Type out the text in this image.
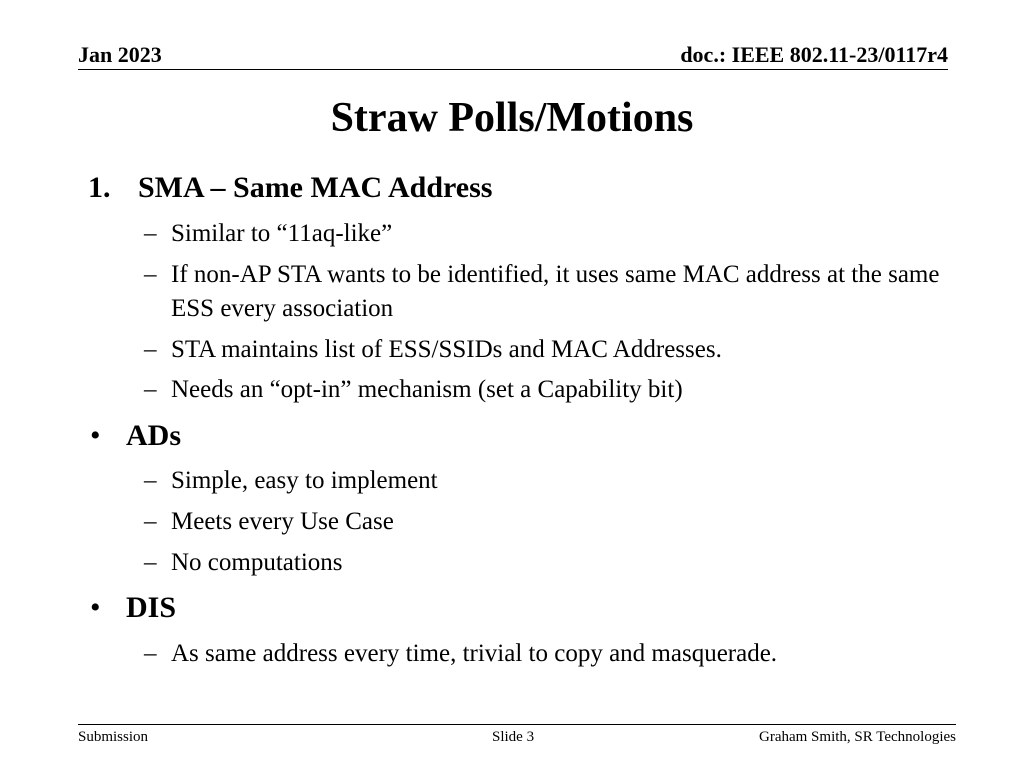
Jan 2023	doc.: IEEE 802.11-23/0117r4
Straw Polls/Motions
1. SMA – Same MAC Address
– Similar to “11aq-like”
– If non-AP STA wants to be identified, it uses same MAC address at the same ESS every association
– STA maintains list of ESS/SSIDs and MAC Addresses.
– Needs an “opt-in” mechanism (set a Capability bit)
• ADs
– Simple, easy to implement
– Meets every Use Case
– No computations
• DIS
– As same address every time, trivial to copy and masquerade.
Submission	Slide 3	Graham Smith, SR Technologies
